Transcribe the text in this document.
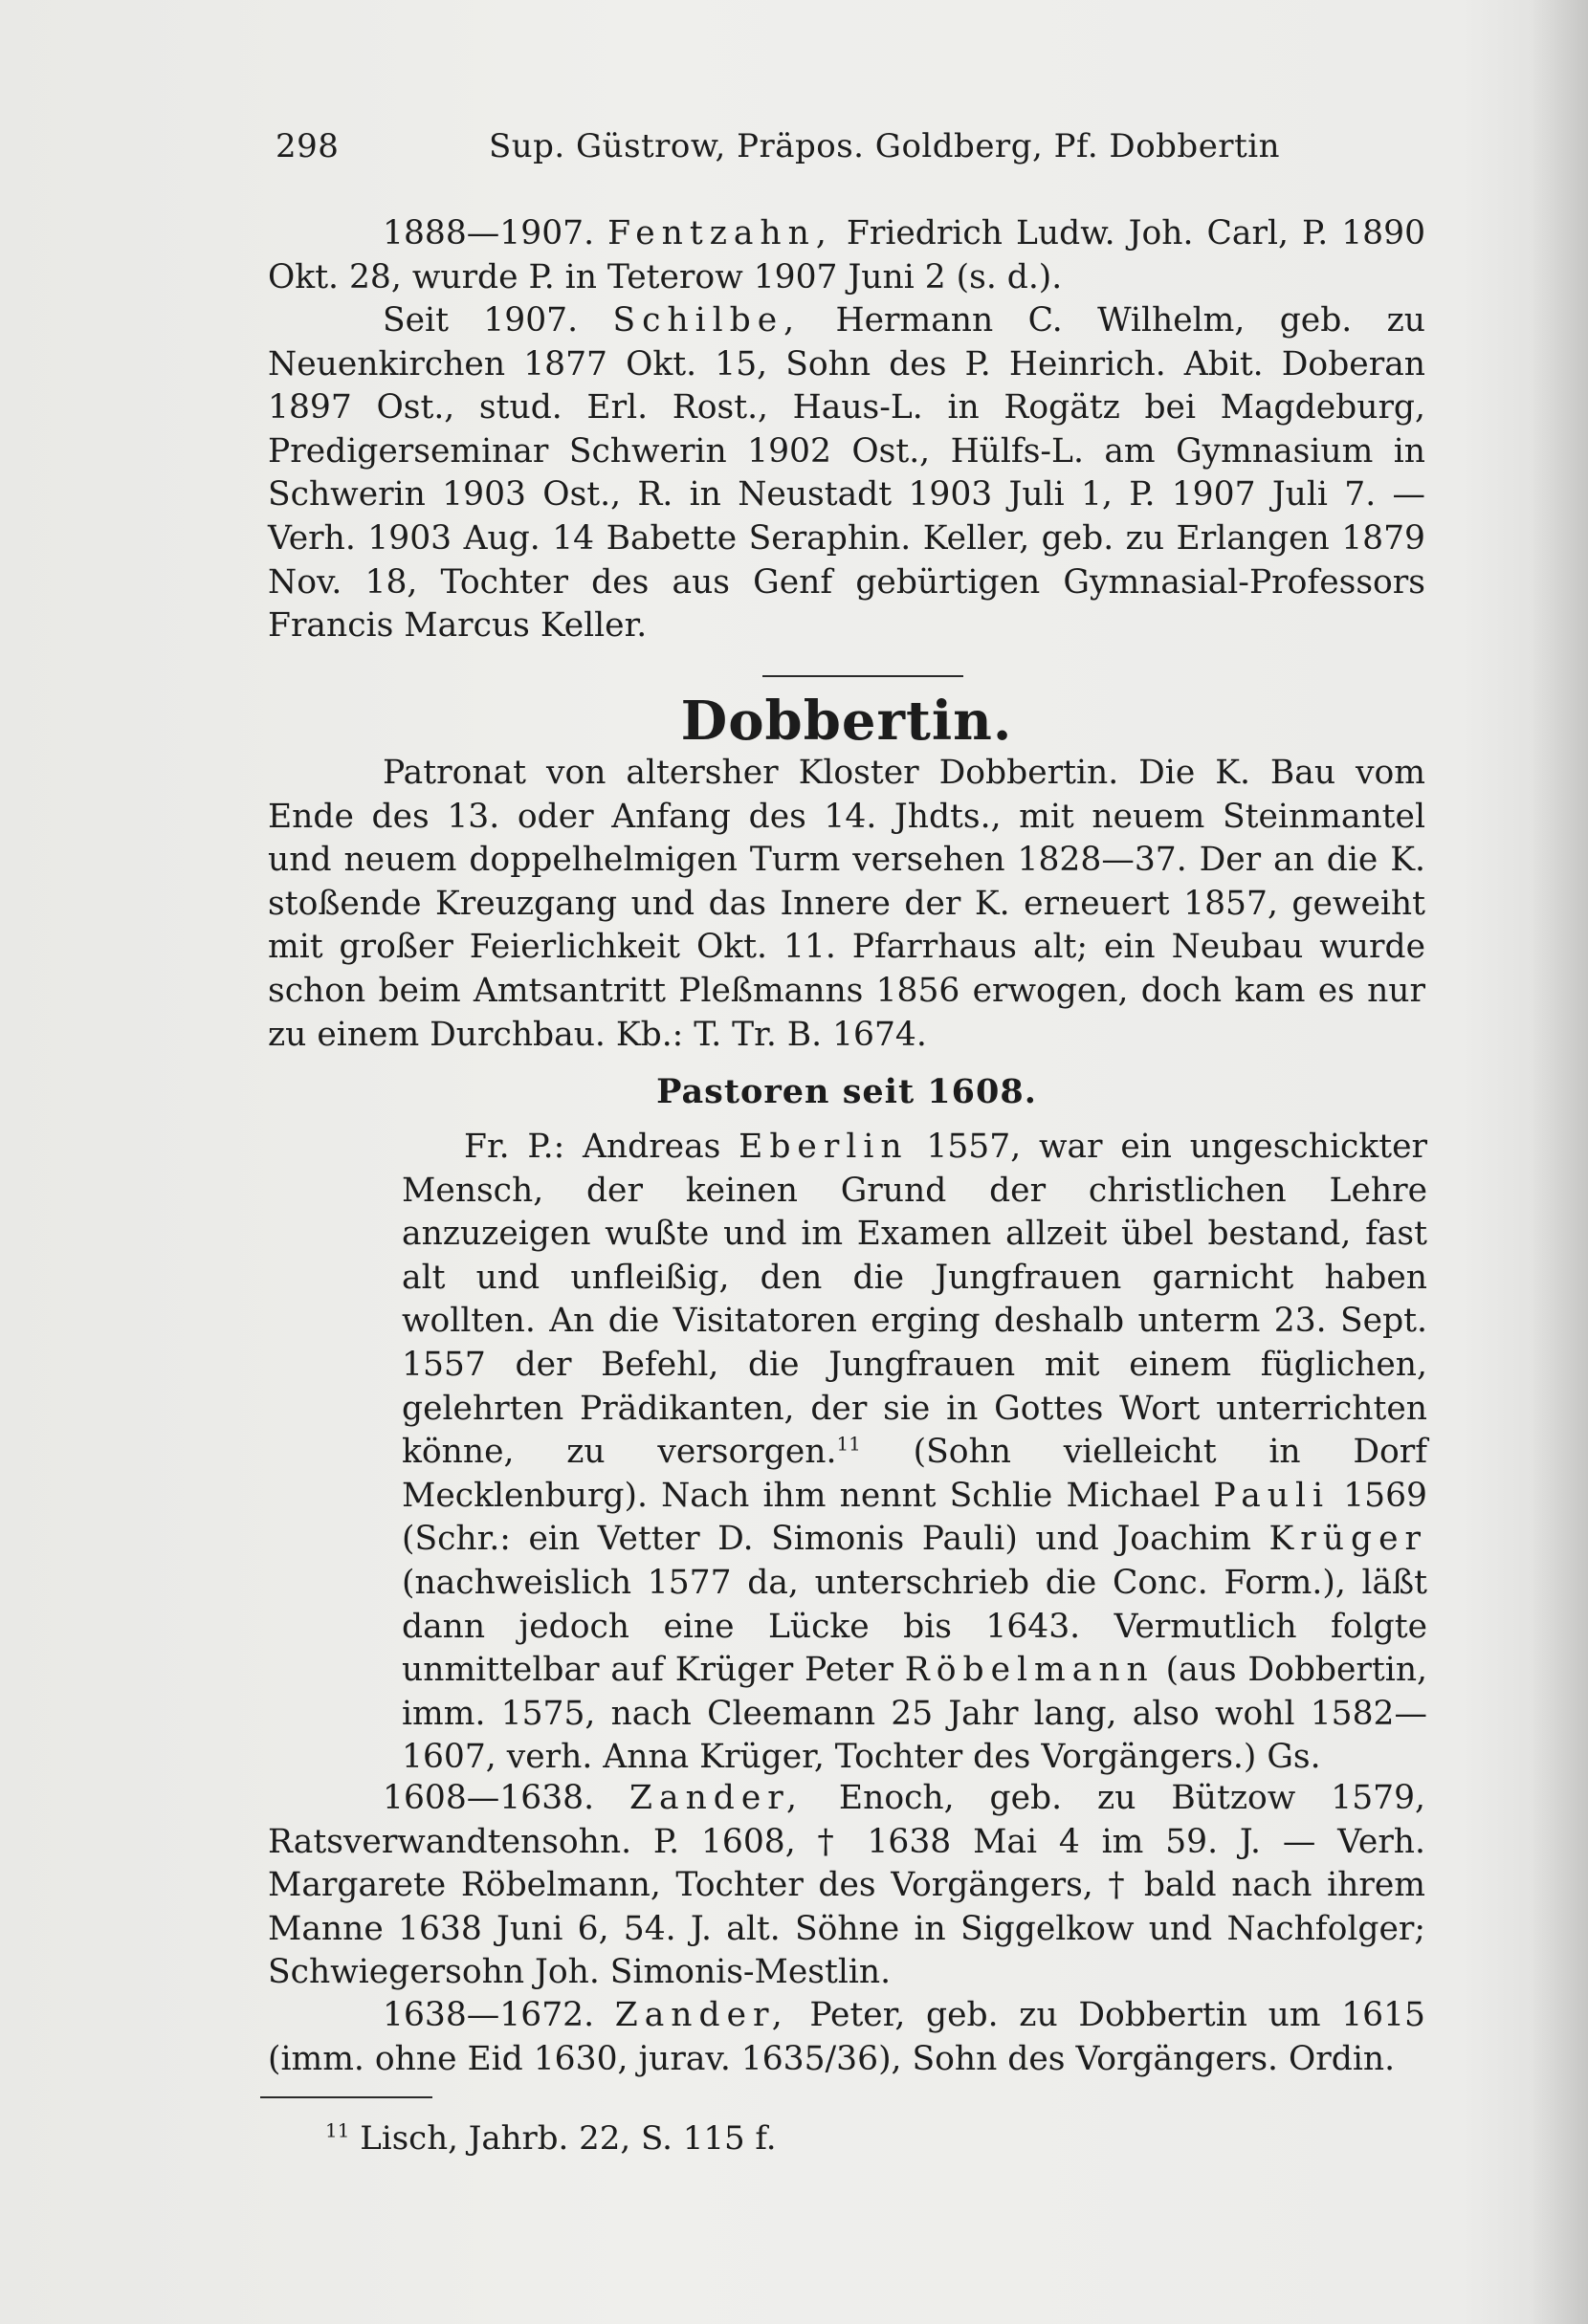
298	Sup. Güstrow, Präpos. Goldberg, Pf. Dobbertin

1888—1907. Fentzahn, Friedrich Ludw. Joh. Carl, P. 1890 Okt. 28, wurde P. in Teterow 1907 Juni 2 (s. d.).

Seit 1907. Schilbe, Hermann C. Wilhelm, geb. zu Neuenkirchen 1877 Okt. 15, Sohn des P. Heinrich. Abit. Doberan 1897 Ost., stud. Erl. Rost., Haus-L. in Rogätz bei Magdeburg, Predigerseminar Schwerin 1902 Ost., Hülfs-L. am Gymnasium in Schwerin 1903 Ost., R. in Neustadt 1903 Juli 1, P. 1907 Juli 7. — Verh. 1903 Aug. 14 Babette Seraphin. Keller, geb. zu Erlangen 1879 Nov. 18, Tochter des aus Genf gebürtigen Gymnasial-Professors Francis Marcus Keller.

Dobbertin.

Patronat von altersher Kloster Dobbertin. Die K. Bau vom Ende des 13. oder Anfang des 14. Jhdts., mit neuem Steinmantel und neuem doppelhelmigen Turm versehen 1828—37. Der an die K. stoßende Kreuzgang und das Innere der K. erneuert 1857, geweiht mit großer Feierlichkeit Okt. 11. Pfarrhaus alt; ein Neubau wurde schon beim Amtsantritt Pleßmanns 1856 erwogen, doch kam es nur zu einem Durchbau. Kb.: T. Tr. B. 1674.

Pastoren seit 1608.

Fr. P.: Andreas Eberlin 1557, war ein ungeschickter Mensch, der keinen Grund der christlichen Lehre anzuzeigen wußte und im Examen allzeit übel bestand, fast alt und unfleißig, den die Jungfrauen garnicht haben wollten. An die Visitatoren erging deshalb unterm 23. Sept. 1557 der Befehl, die Jungfrauen mit einem füglichen, gelehrten Prädikanten, der sie in Gottes Wort unterrichten könne, zu versorgen.$^{11}$ (Sohn vielleicht in Dorf Mecklenburg). Nach ihm nennt Schlie Michael Pauli 1569 (Schr.: ein Vetter D. Simonis Pauli) und Joachim Krüger (nachweislich 1577 da, unterschrieb die Conc. Form.), läßt dann jedoch eine Lücke bis 1643. Vermutlich folgte unmittelbar auf Krüger Peter Röbelmann (aus Dobbertin, imm. 1575, nach Cleemann 25 Jahr lang, also wohl 1582—1607, verh. Anna Krüger, Tochter des Vorgängers.) Gs.

1608—1638. Zander, Enoch, geb. zu Bützow 1579, Ratsverwandtensohn. P. 1608, † 1638 Mai 4 im 59. J. — Verh. Margarete Röbelmann, Tochter des Vorgängers, † bald nach ihrem Manne 1638 Juni 6, 54. J. alt. Söhne in Siggelkow und Nachfolger; Schwiegersohn Joh. Simonis-Mestlin.

1638—1672. Zander, Peter, geb. zu Dobbertin um 1615 (imm. ohne Eid 1630, jurav. 1635/36), Sohn des Vorgängers. Ordin.

$^{11}$ Lisch, Jahrb. 22, S. 115 f.
